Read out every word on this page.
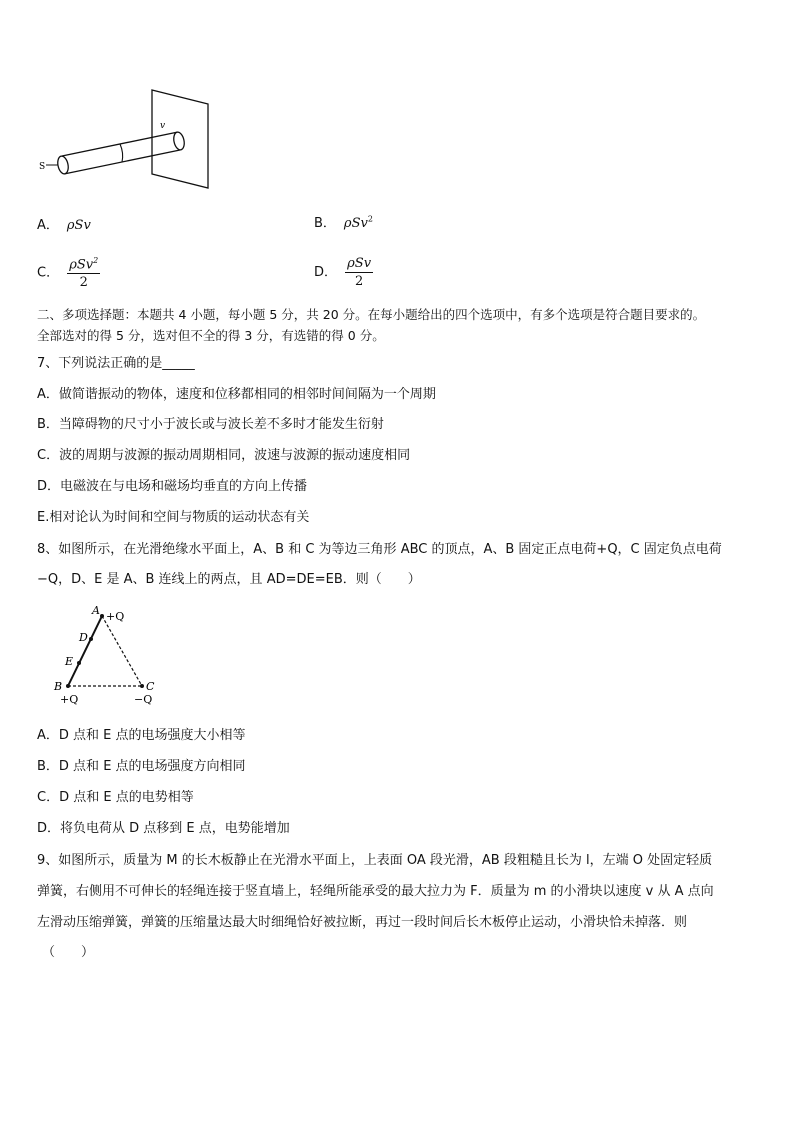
S
v
A． ρSv	B． ρSv$^2$
C． $\frac{\rho Sv^2}{2}$	D． $\frac{\text{ρSv}}{2}$
二、多项选择题：本题共 4 小题，每小题 5 分，共 20 分。在每小题给出的四个选项中，有多个选项是符合题目要求的。
全部选对的得 5 分，选对但不全的得 3 分，有选错的得 0 分。
7、下列说法正确的是_____
A．做简谐振动的物体，速度和位移都相同的相邻时间间隔为一个周期
B．当障碍物的尺寸小于波长或与波长差不多时才能发生衍射
C．波的周期与波源的振动周期相同，波速与波源的振动速度相同
D．电磁波在与电场和磁场均垂直的方向上传播
E.相对论认为时间和空间与物质的运动状态有关
8、如图所示，在光滑绝缘水平面上，A、B 和 C 为等边三角形 ABC 的顶点，A、B 固定正点电荷+Q，C 固定负点电荷
−Q，D、E 是 A、B 连线上的两点，且 AD=DE=EB．则（　　）
A +Q
D
E
B
+Q
C
−Q
A．D 点和 E 点的电场强度大小相等
B．D 点和 E 点的电场强度方向相同
C．D 点和 E 点的电势相等
D．将负电荷从 D 点移到 E 点，电势能增加
9、如图所示，质量为 M 的长木板静止在光滑水平面上，上表面 OA 段光滑，AB 段粗糙且长为 l，左端 O 处固定轻质
弹簧，右侧用不可伸长的轻绳连接于竖直墙上，轻绳所能承受的最大拉力为 F．质量为 m 的小滑块以速度 v 从 A 点向
左滑动压缩弹簧，弹簧的压缩量达最大时细绳恰好被拉断，再过一段时间后长木板停止运动，小滑块恰未掉落．则
（　　）
